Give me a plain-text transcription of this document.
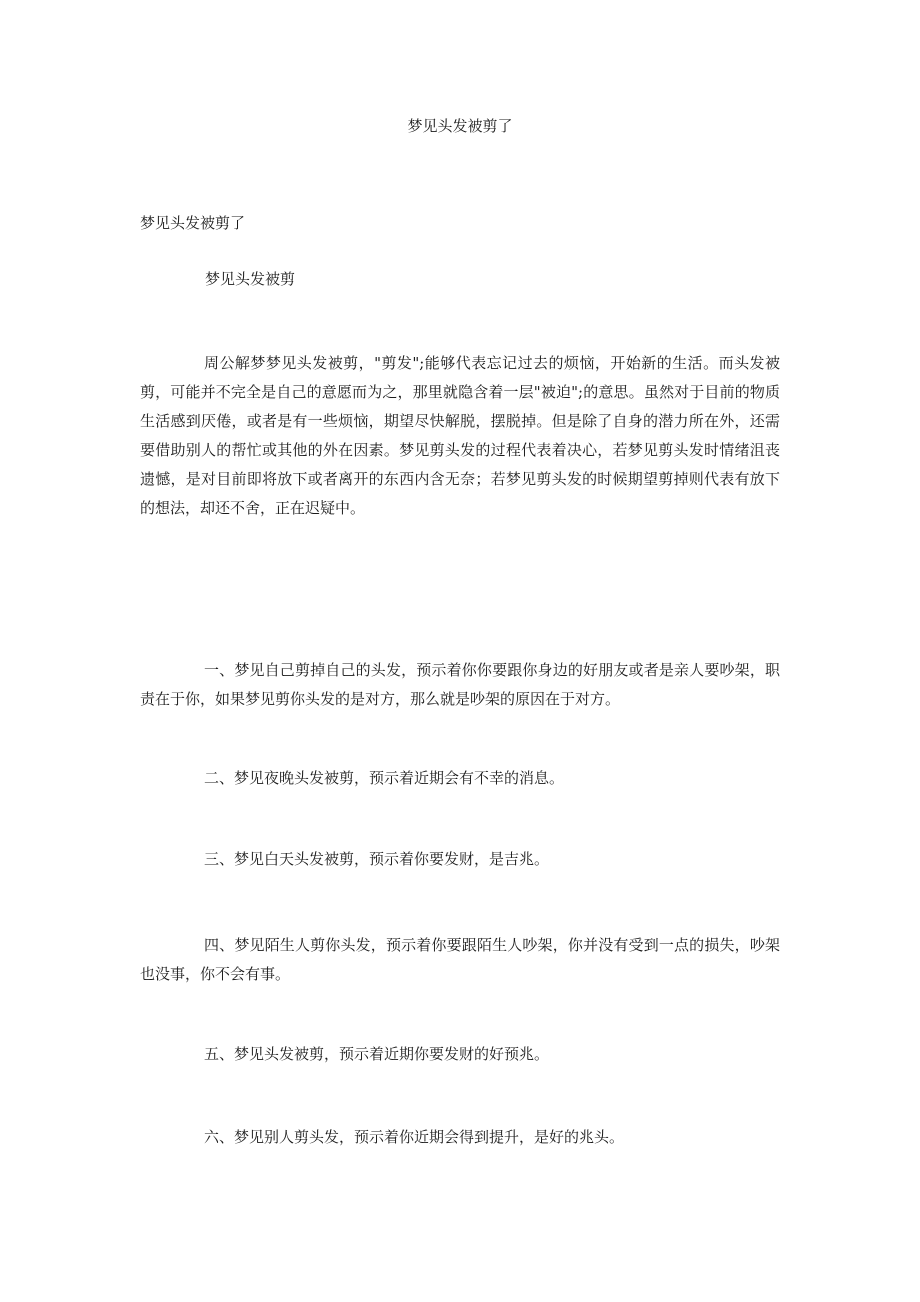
梦见头发被剪了
梦见头发被剪了
梦见头发被剪

周公解梦梦见头发被剪，"剪发";能够代表忘记过去的烦恼，开始新的生活。而头发被剪，可能并不完全是自己的意愿而为之，那里就隐含着一层"被迫";的意思。虽然对于目前的物质生活感到厌倦，或者是有一些烦恼，期望尽快解脱，摆脱掉。但是除了自身的潜力所在外，还需要借助别人的帮忙或其他的外在因素。梦见剪头发的过程代表着决心，若梦见剪头发时情绪沮丧遗憾，是对目前即将放下或者离开的东西内含无奈；若梦见剪头发的时候期望剪掉则代表有放下的想法，却还不舍，正在迟疑中。

一、梦见自己剪掉自己的头发，预示着你你要跟你身边的好朋友或者是亲人要吵架，职责在于你，如果梦见剪你头发的是对方，那么就是吵架的原因在于对方。

二、梦见夜晚头发被剪，预示着近期会有不幸的消息。

三、梦见白天头发被剪，预示着你要发财，是吉兆。

四、梦见陌生人剪你头发，预示着你要跟陌生人吵架，你并没有受到一点的损失，吵架也没事，你不会有事。

五、梦见头发被剪，预示着近期你要发财的好预兆。

六、梦见别人剪头发，预示着你近期会得到提升，是好的兆头。
